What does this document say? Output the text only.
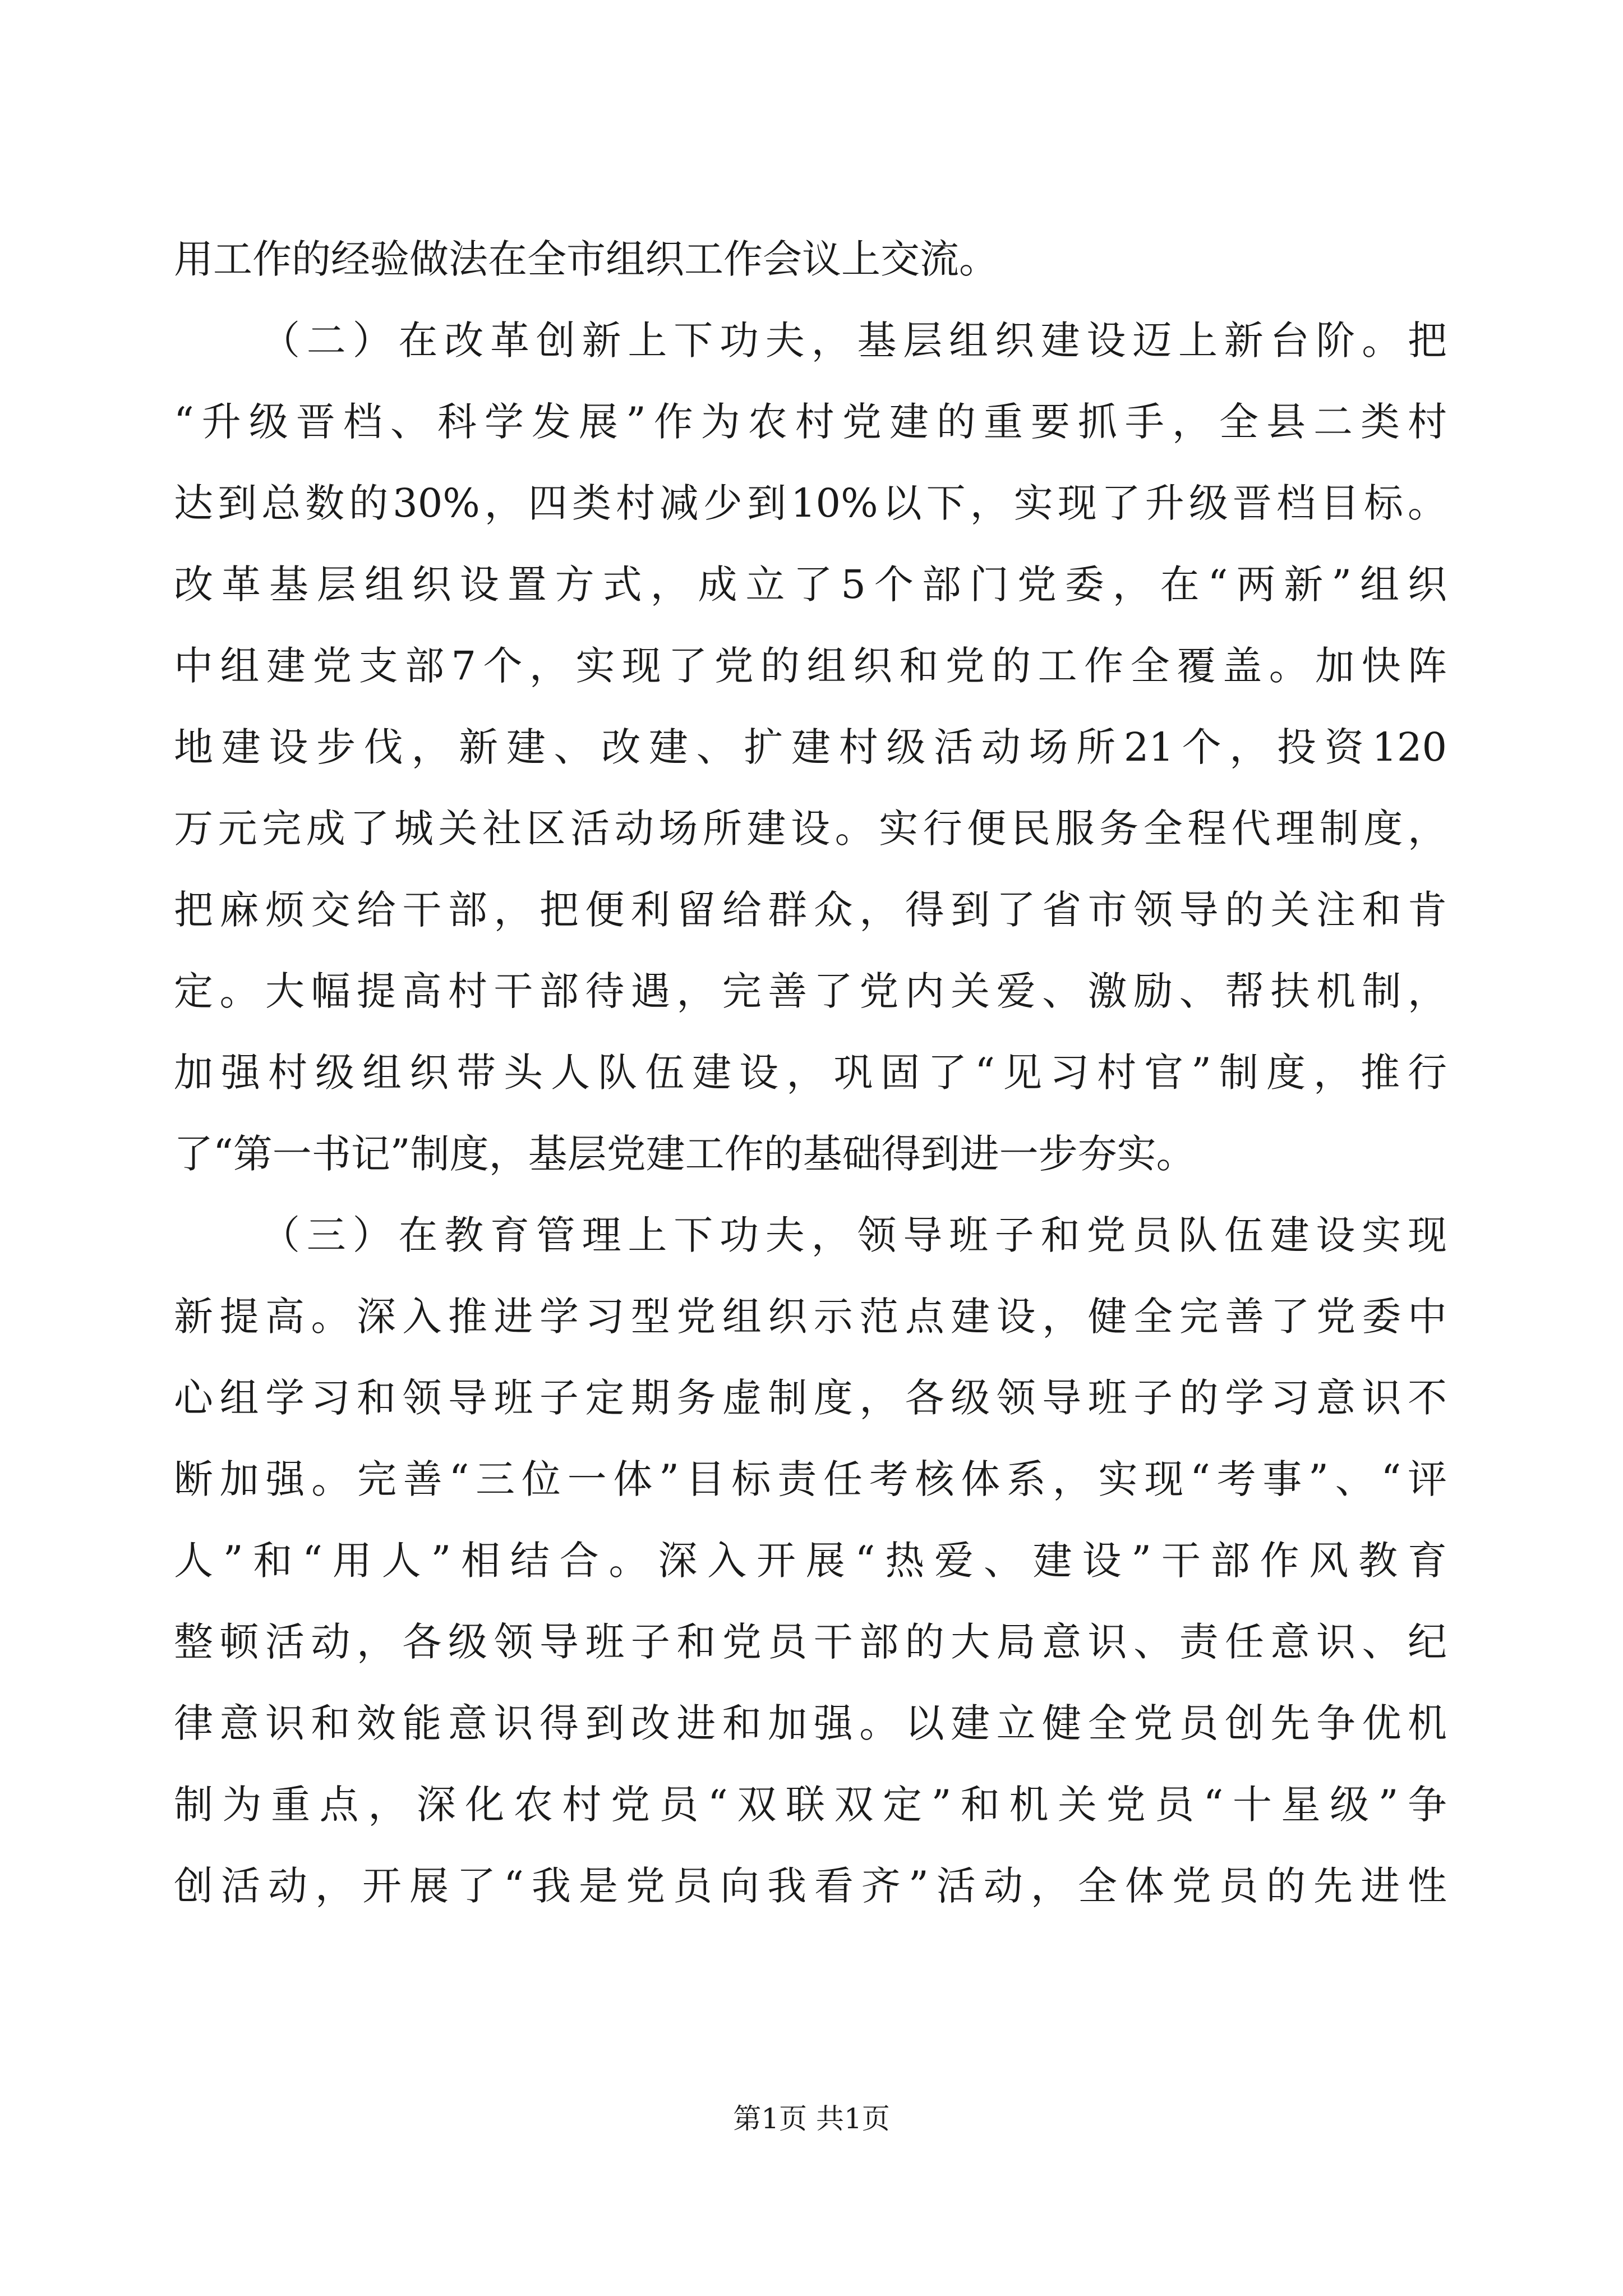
用工作的经验做法在全市组织工作会议上交流。
（二）在改革创新上下功夫，基层组织建设迈上新台阶。把
“升级晋档、科学发展”作为农村党建的重要抓手，全县二类村
达到总数的30%，四类村减少到10%以下，实现了升级晋档目标。
改革基层组织设置方式，成立了5个部门党委，在“两新”组织
中组建党支部7个，实现了党的组织和党的工作全覆盖。加快阵
地建设步伐，新建、改建、扩建村级活动场所21个，投资120
万元完成了城关社区活动场所建设。实行便民服务全程代理制度，
把麻烦交给干部，把便利留给群众，得到了省市领导的关注和肯
定。大幅提高村干部待遇，完善了党内关爱、激励、帮扶机制，
加强村级组织带头人队伍建设，巩固了“见习村官”制度，推行
了“第一书记”制度，基层党建工作的基础得到进一步夯实。
（三）在教育管理上下功夫，领导班子和党员队伍建设实现
新提高。深入推进学习型党组织示范点建设，健全完善了党委中
心组学习和领导班子定期务虚制度，各级领导班子的学习意识不
断加强。完善“三位一体”目标责任考核体系，实现“考事”、“评
人”和“用人”相结合。深入开展“热爱、建设”干部作风教育
整顿活动，各级领导班子和党员干部的大局意识、责任意识、纪
律意识和效能意识得到改进和加强。以建立健全党员创先争优机
制为重点，深化农村党员“双联双定”和机关党员“十星级”争
创活动，开展了“我是党员向我看齐”活动，全体党员的先进性
第1页 共1页
